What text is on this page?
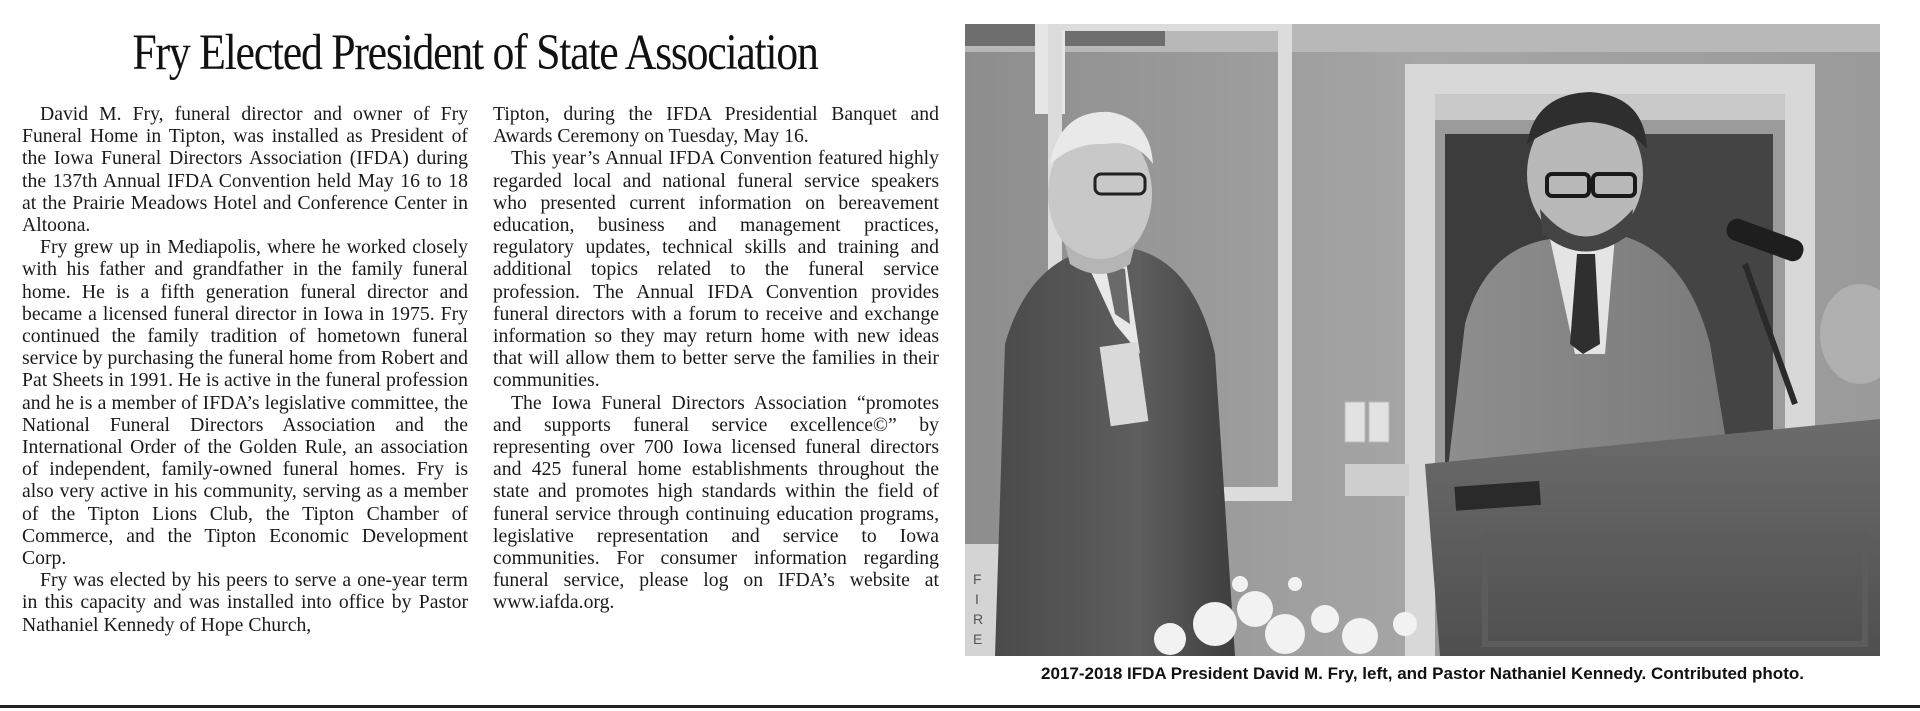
Fry Elected President of State Association

David M. Fry, funeral director and owner of Fry Funeral Home in Tipton, was installed as President of the Iowa Funeral Directors Association (IFDA) during the 137th Annual IFDA Convention held May 16 to 18 at the Prairie Meadows Hotel and Conference Center in Altoona.

Fry grew up in Mediapolis, where he worked closely with his father and grandfather in the family funeral home. He is a fifth generation funeral director and became a licensed funeral director in Iowa in 1975. Fry continued the family tradition of hometown funeral service by purchasing the funeral home from Robert and Pat Sheets in 1991. He is active in the funeral profession and he is a member of IFDA’s legislative committee, the National Funeral Directors Association and the International Order of the Golden Rule, an association of independent, family-owned funeral homes. Fry is also very active in his community, serving as a member of the Tipton Lions Club, the Tipton Chamber of Commerce, and the Tipton Economic Development Corp.

Fry was elected by his peers to serve a one-year term in this capacity and was installed into office by Pastor Nathaniel Kennedy of Hope Church,

Tipton, during the IFDA Presidential Banquet and Awards Ceremony on Tuesday, May 16.

This year’s Annual IFDA Convention featured highly regarded local and national funeral service speakers who presented current information on bereavement education, business and management practices, regulatory updates, technical skills and training and additional topics related to the funeral service profession. The Annual IFDA Convention provides funeral directors with a forum to receive and exchange information so they may return home with new ideas that will allow them to better serve the families in their communities.

The Iowa Funeral Directors Association “promotes and supports funeral service excellence©” by representing over 700 Iowa licensed funeral directors and 425 funeral home establishments throughout the state and promotes high standards within the field of funeral service through continuing education programs, legislative representation and service to Iowa communities. For consumer information regarding funeral service, please log on IFDA’s website at www.iafda.org.

F
I
R
E
2017-2018 IFDA President David M. Fry, left, and Pastor Nathaniel Kennedy. Contributed photo.
